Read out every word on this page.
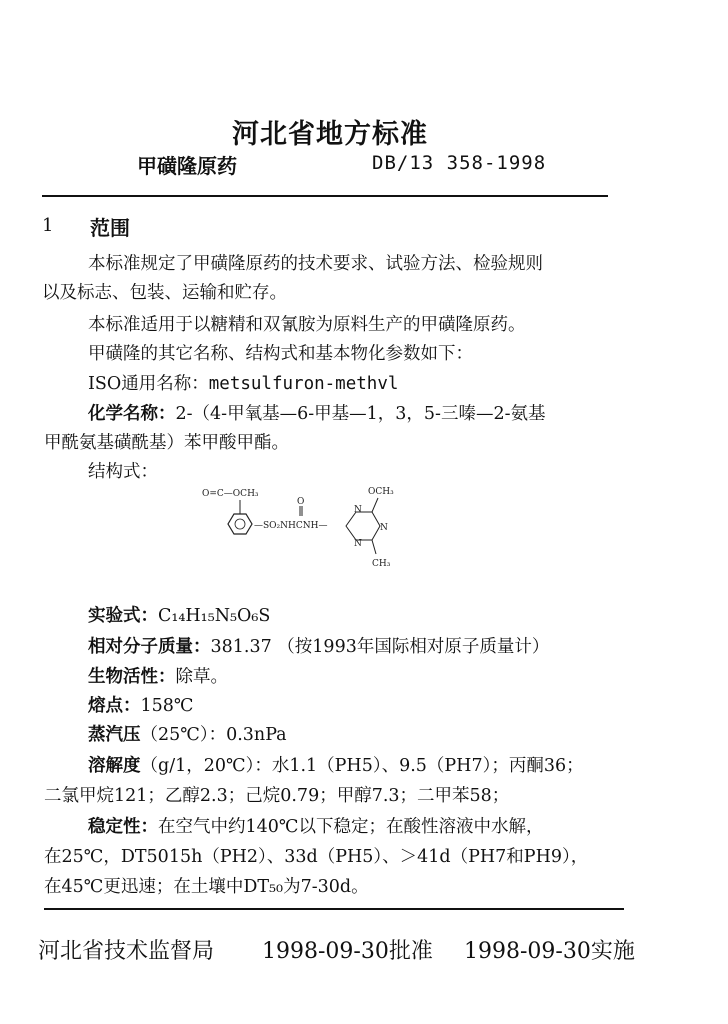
河北省地方标准
甲磺隆原药	DB/13 358-1998
1 范围
本标准规定了甲磺隆原药的技术要求、试验方法、检验规则
以及标志、包装、运输和贮存。
本标准适用于以糖精和双氰胺为原料生产的甲磺隆原药。
甲磺隆的其它名称、结构式和基本物化参数如下：
ISO通用名称：metsulfuron-methvl
化学名称：2-（4-甲氧基—6-甲基—1，3，5-三嗪—2-氨基
甲酰氨基磺酰基）苯甲酸甲酯。
结构式：
O=C—OCH₃
O
—SO₂NHCNH—
OCH₃
N
N
N
CH₃
实验式：C₁₄H₁₅N₅O₆S
相对分子质量：381.37 （按1993年国际相对原子质量计）
生物活性：除草。
熔点：158℃
蒸汽压（25℃）：0.3nPa
溶解度（g/1，20℃）：水1.1（PH5）、9.5（PH7）；丙酮36；
二氯甲烷121；乙醇2.3；己烷0.79；甲醇7.3；二甲苯58；
稳定性：在空气中约140℃以下稳定；在酸性溶液中水解，
在25℃，DT5015h（PH2）、33d（PH5）、＞41d（PH7和PH9），
在45℃更迅速；在土壤中DT₅₀为7-30d。
河北省技术监督局 1998-09-30批准 1998-09-30实施
